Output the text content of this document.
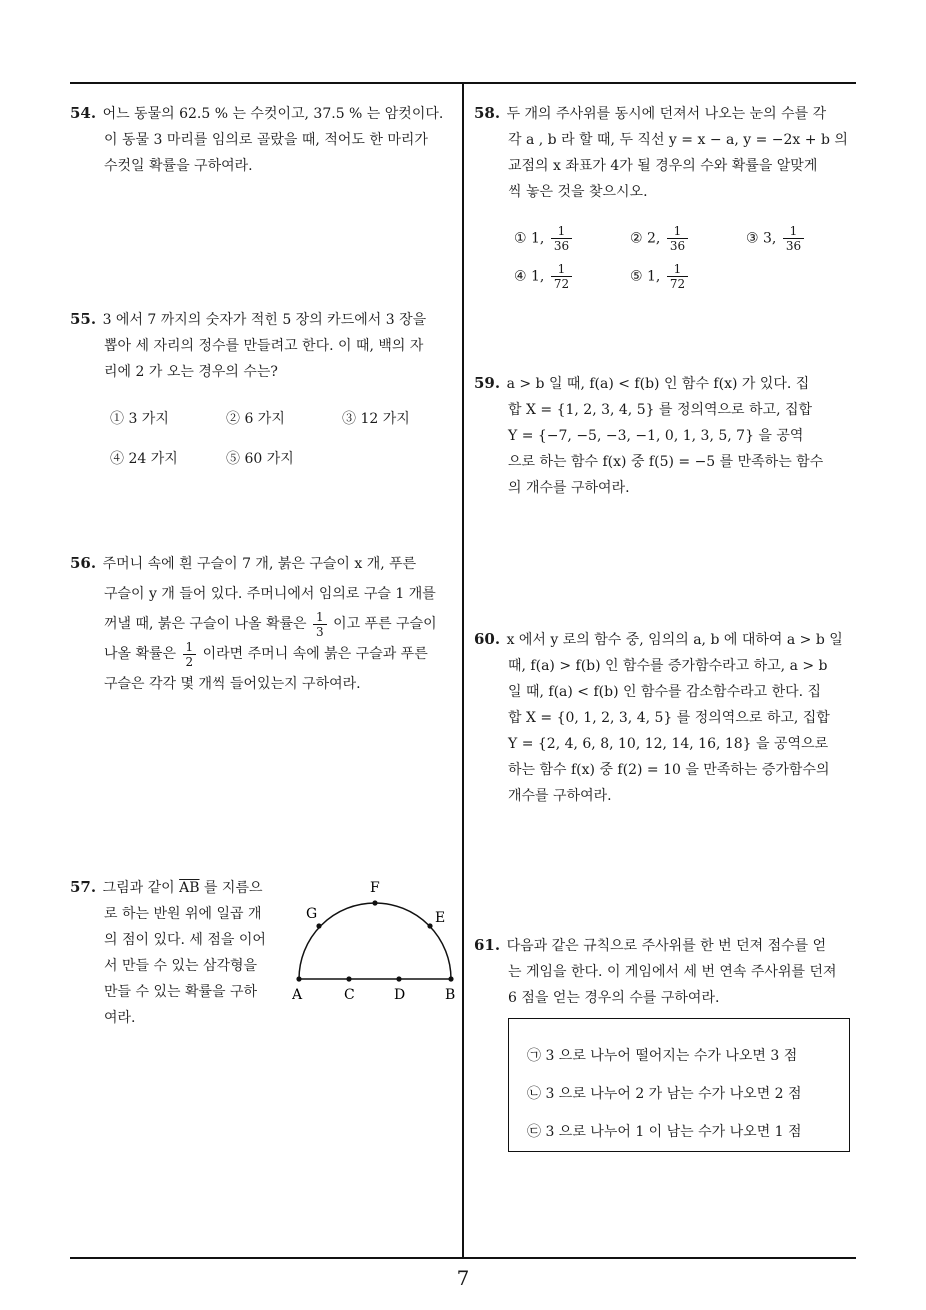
54. 어느 동물의 62.5 % 는 수컷이고, 37.5 % 는 암컷이다.
이 동물 3 마리를 임의로 골랐을 때, 적어도 한 마리가
수컷일 확률을 구하여라.
55. 3 에서 7 까지의 숫자가 적힌 5 장의 카드에서 3 장을
뽑아 세 자리의 정수를 만들려고 한다. 이 때, 백의 자
리에 2 가 오는 경우의 수는?
① 3 가지	② 6 가지	③ 12 가지
④ 24 가지	⑤ 60 가지
56. 주머니 속에 흰 구슬이 7 개, 붉은 구슬이 x 개, 푸른
구슬이 y 개 들어 있다. 주머니에서 임의로 구슬 1 개를
꺼낼 때, 붉은 구슬이 나올 확률은 $\frac{1}{3}$ 이고 푸른 구슬이
나올 확률은 $\frac{1}{2}$ 이라면 주머니 속에 붉은 구슬과 푸른
구슬은 각각 몇 개씩 들어있는지 구하여라.
57. 그림과 같이 $\overline{AB}$ 를 지름으
로 하는 반원 위에 일곱 개
의 점이 있다. 세 점을 이어
서 만들 수 있는 삼각형을
만들 수 있는 확률을 구하
여라.
F
G	E
A	C	D	B
58. 두 개의 주사위를 동시에 던져서 나오는 눈의 수를 각
각 a , b 라 할 때, 두 직선 y = x − a, y = −2x + b 의
교점의 x 좌표가 4가 될 경우의 수와 확률을 알맞게
씩 놓은 것을 찾으시오.
① 1, $\frac{1}{36}$	② 2, $\frac{1}{36}$	③ 3, $\frac{1}{36}$
④ 1, $\frac{1}{72}$	⑤ 1, $\frac{1}{72}$
59. a > b 일 때, f(a) < f(b) 인 함수 f(x) 가 있다. 집
합 X = {1, 2, 3, 4, 5} 를 정의역으로 하고, 집합
Y = {−7, −5, −3, −1, 0, 1, 3, 5, 7} 을 공역
으로 하는 함수 f(x) 중 f(5) = −5 를 만족하는 함수
의 개수를 구하여라.
60. x 에서 y 로의 함수 중, 임의의 a, b 에 대하여 a > b 일
때, f(a) > f(b) 인 함수를 증가함수라고 하고, a > b
일 때, f(a) < f(b) 인 함수를 감소함수라고 한다. 집
합 X = {0, 1, 2, 3, 4, 5} 를 정의역으로 하고, 집합
Y = {2, 4, 6, 8, 10, 12, 14, 16, 18} 을 공역으로
하는 함수 f(x) 중 f(2) = 10 을 만족하는 증가함수의
개수를 구하여라.
61. 다음과 같은 규칙으로 주사위를 한 번 던져 점수를 얻
는 게임을 한다. 이 게임에서 세 번 연속 주사위를 던져
6 점을 얻는 경우의 수를 구하여라.
㉠ 3 으로 나누어 떨어지는 수가 나오면 3 점
㉡ 3 으로 나누어 2 가 남는 수가 나오면 2 점
㉢ 3 으로 나누어 1 이 남는 수가 나오면 1 점
7
